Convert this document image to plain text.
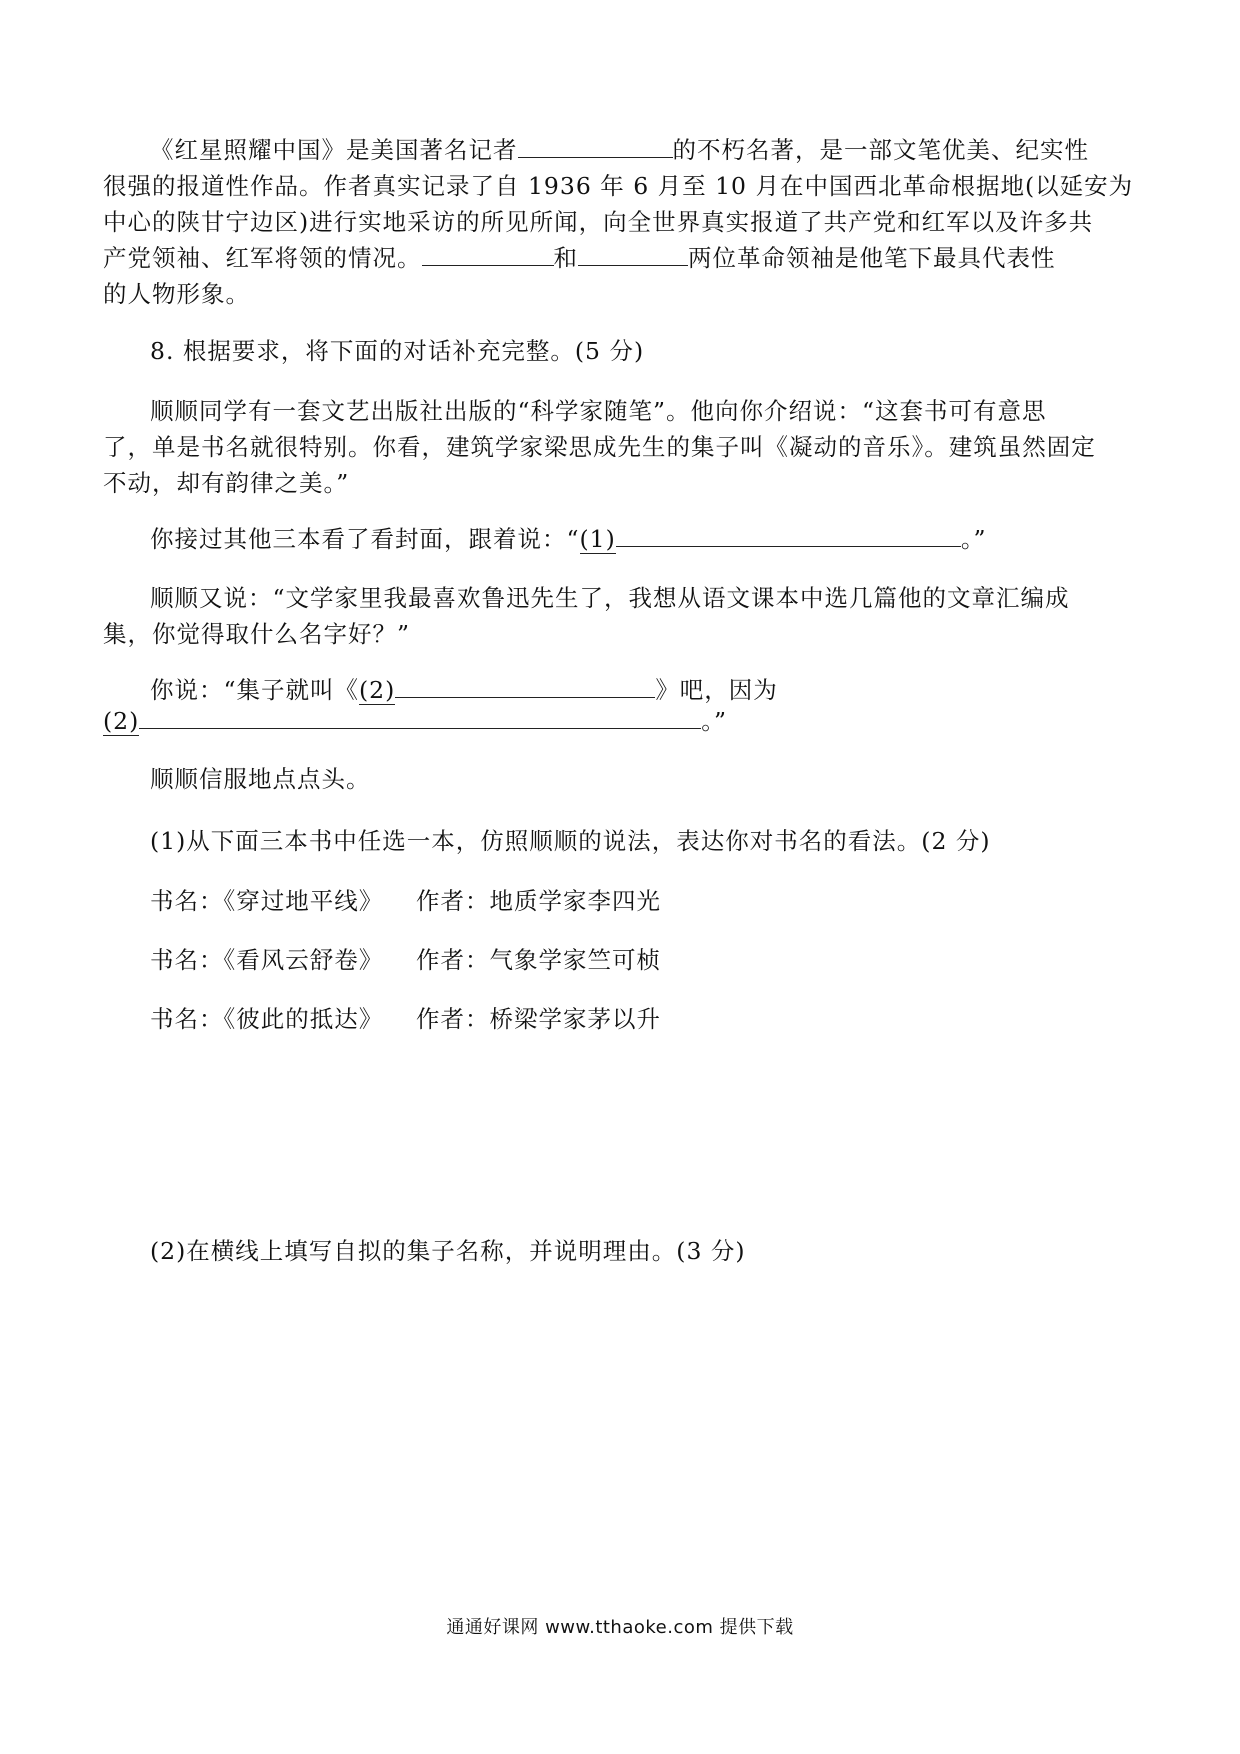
《红星照耀中国》是美国著名记者	的不朽名著，是一部文笔优美、纪实性
很强的报道性作品。作者真实记录了自 1936 年 6 月至 10 月在中国西北革命根据地(以延安为
中心的陕甘宁边区)进行实地采访的所见所闻，向全世界真实报道了共产党和红军以及许多共
产党领袖、红军将领的情况。	和	两位革命领袖是他笔下最具代表性
的人物形象。
8. 根据要求，将下面的对话补充完整。(5 分)
顺顺同学有一套文艺出版社出版的“科学家随笔”。他向你介绍说：“这套书可有意思
了，单是书名就很特别。你看，建筑学家梁思成先生的集子叫《凝动的音乐》。建筑虽然固定
不动，却有韵律之美。”
你接过其他三本看了看封面，跟着说：“(1)	。”
顺顺又说：“文学家里我最喜欢鲁迅先生了，我想从语文课本中选几篇他的文章汇编成
集，你觉得取什么名字好？”
你说：“集子就叫《(2)	》吧，因为
(2)	。”
顺顺信服地点点头。
(1)从下面三本书中任选一本，仿照顺顺的说法，表达你对书名的看法。(2 分)
书名：《穿过地平线》 作者：地质学家李四光
书名：《看风云舒卷》 作者：气象学家竺可桢
书名：《彼此的抵达》 作者：桥梁学家茅以升
(2)在横线上填写自拟的集子名称，并说明理由。(3 分)
通通好课网 www.tthaoke.com 提供下载
